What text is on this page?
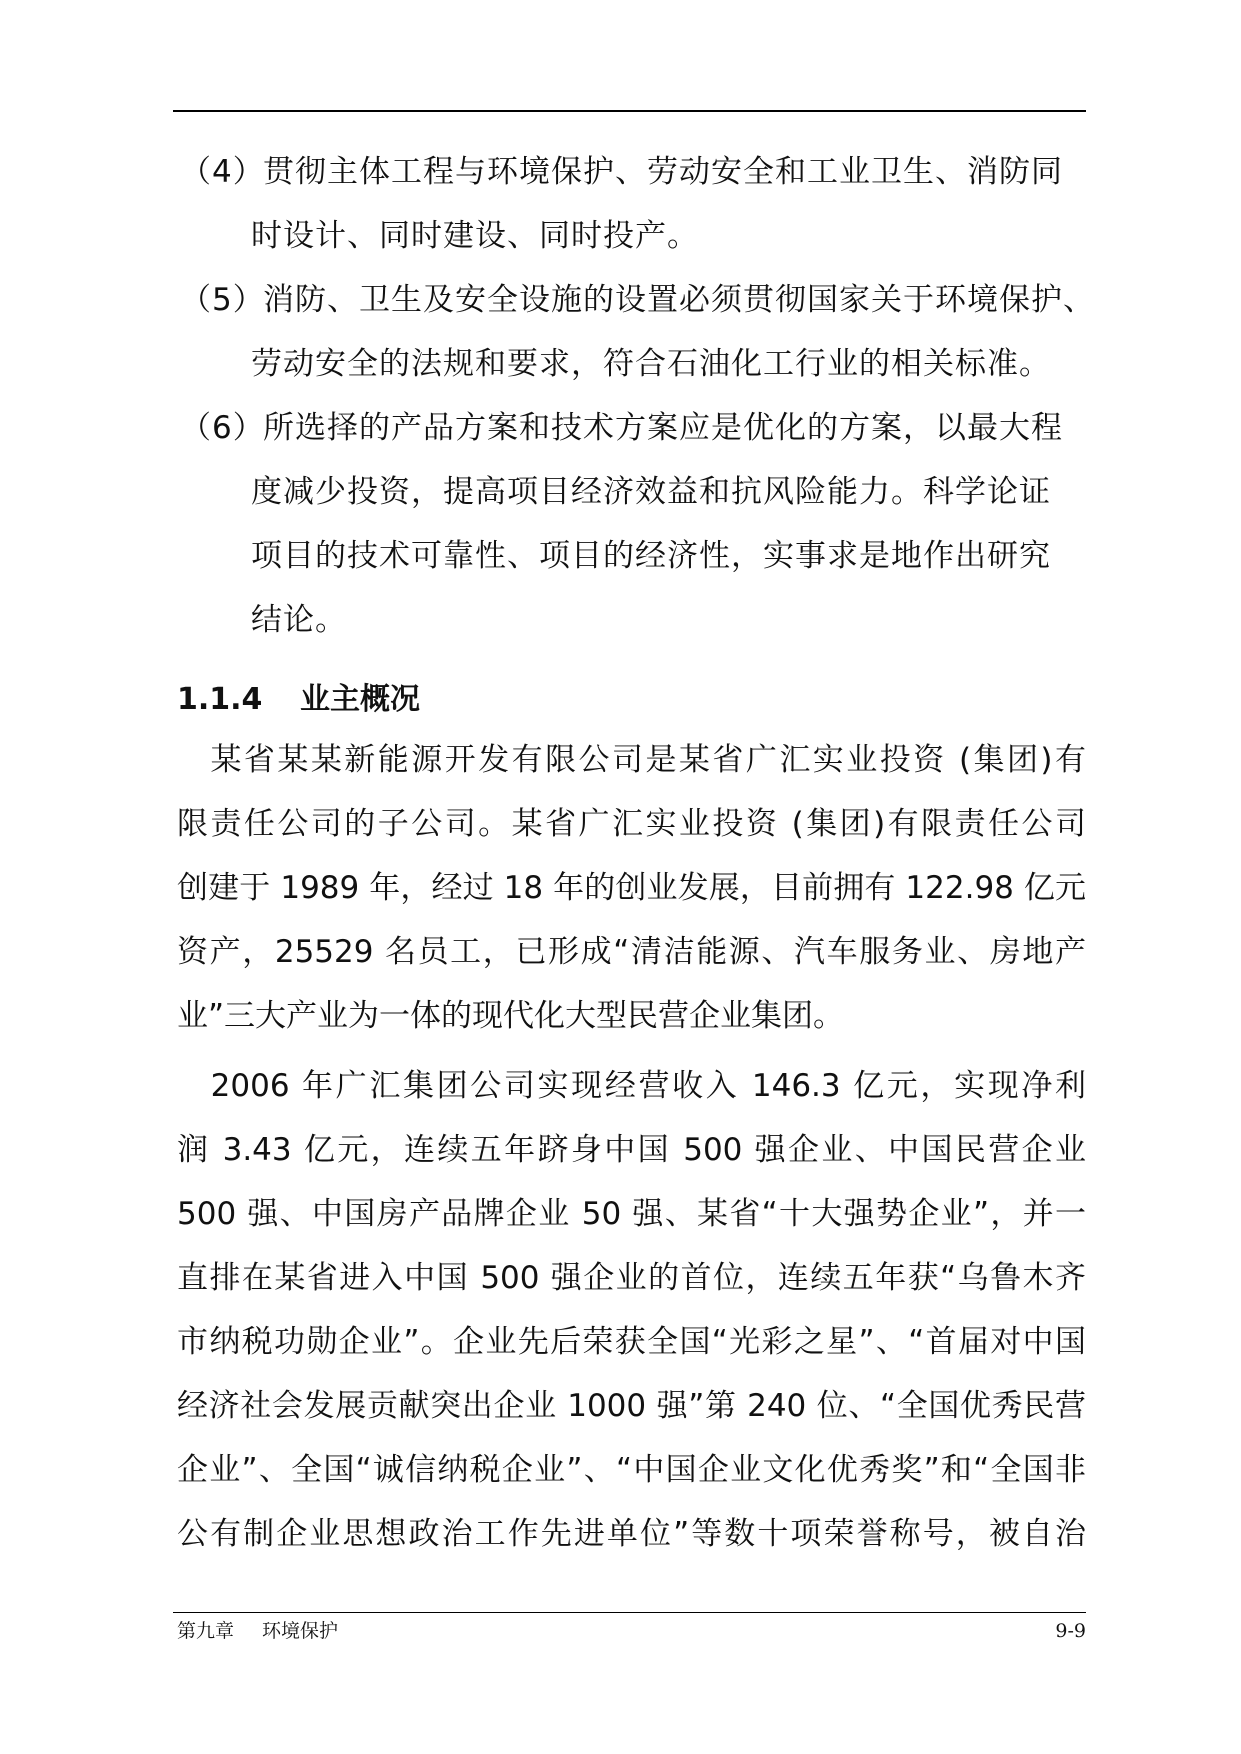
（4）
贯彻主体工程与环境保护、劳动安全和工业卫生、消防同
时设计、同时建设、同时投产。
（5）
消防、卫生及安全设施的设置必须贯彻国家关于环境保护、
劳动安全的法规和要求，符合石油化工行业的相关标准。
（6）
所选择的产品方案和技术方案应是优化的方案，以最大程
度减少投资，提高项目经济效益和抗风险能力。科学论证
项目的技术可靠性、项目的经济性，实事求是地作出研究
结论。
1.1.4 业主概况
　某省某某新能源开发有限公司是某省广汇实业投资 (集团)有
限责任公司的子公司。某省广汇实业投资 (集团)有限责任公司
创建于 1989 年，经过 18 年的创业发展，目前拥有 122.98 亿元
资产，25529 名员工，已形成“清洁能源、汽车服务业、房地产
业”三大产业为一体的现代化大型民营企业集团。
　2006 年广汇集团公司实现经营收入 146.3 亿元，实现净利
润 3.43 亿元，连续五年跻身中国 500 强企业、中国民营企业
500 强、中国房产品牌企业 50 强、某省“十大强势企业”，并一
直排在某省进入中国 500 强企业的首位，连续五年获“乌鲁木齐
市纳税功勋企业”。企业先后荣获全国“光彩之星”、“首届对中国
经济社会发展贡献突出企业 1000 强”第 240 位、“全国优秀民营
企业”、全国“诚信纳税企业”、“中国企业文化优秀奖”和“全国非
公有制企业思想政治工作先进单位”等数十项荣誉称号，被自治
第九章 环境保护	9-9
